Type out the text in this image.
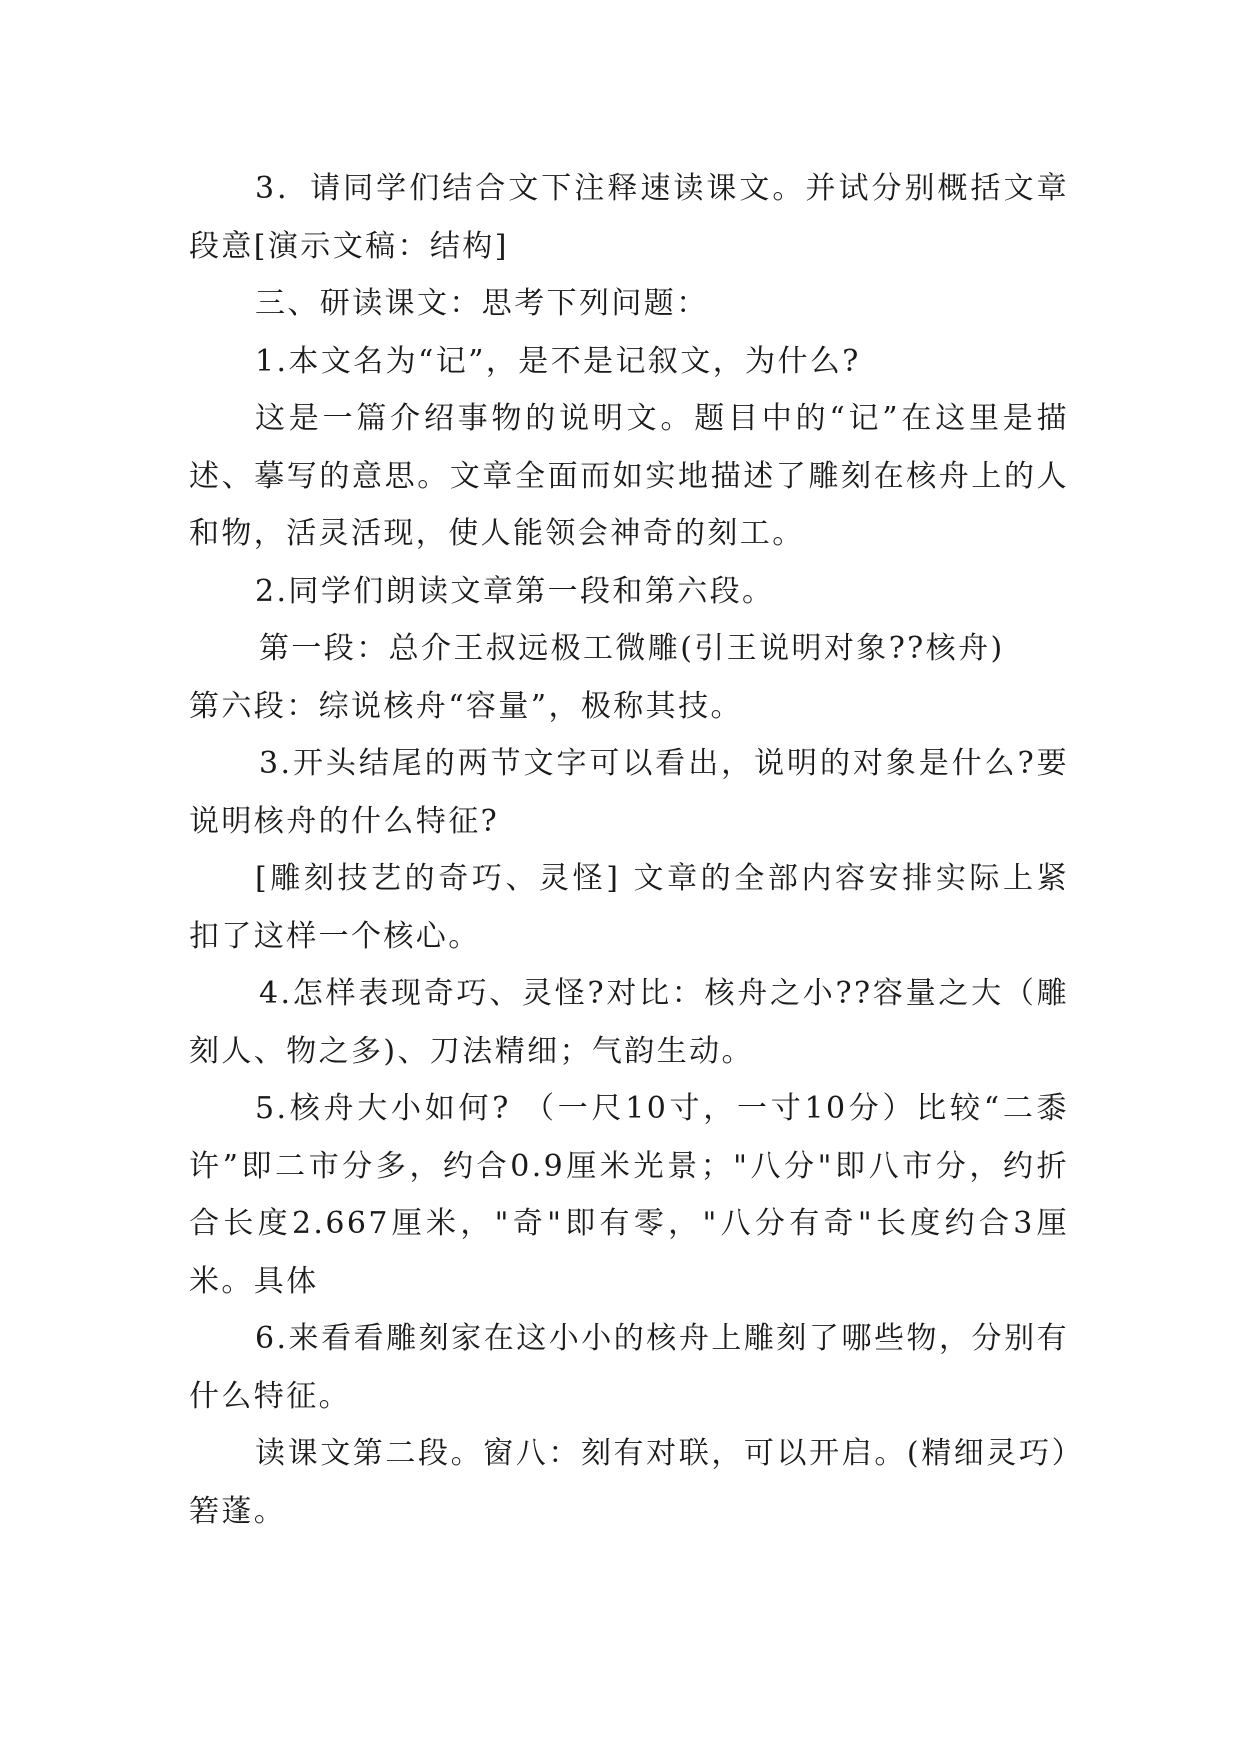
3．请同学们结合文下注释速读课文。并试分别概括文章段意[演示文稿：结构]

三、研读课文：思考下列问题：

1.本文名为“记”，是不是记叙文，为什么?

这是一篇介绍事物的说明文。题目中的“记”在这里是描述、摹写的意思。文章全面而如实地描述了雕刻在核舟上的人和物，活灵活现，使人能领会神奇的刻工。

2.同学们朗读文章第一段和第六段。

第一段：总介王叔远极工微雕(引王说明对象??核舟)

第六段：综说核舟“容量”，极称其技。

3.开头结尾的两节文字可以看出，说明的对象是什么?要说明核舟的什么特征?

[雕刻技艺的奇巧、灵怪] 文章的全部内容安排实际上紧扣了这样一个核心。

4.怎样表现奇巧、灵怪?对比：核舟之小??容量之大（雕刻人、物之多)、刀法精细；气韵生动。

5.核舟大小如何? （一尺10寸，一寸10分）比较“二黍许”即二市分多，约合0.9厘米光景；"八分"即八市分，约折合长度2.667厘米，"奇"即有零，"八分有奇"长度约合3厘米。具体

6.来看看雕刻家在这小小的核舟上雕刻了哪些物，分别有什么特征。

读课文第二段。窗八：刻有对联，可以开启。(精细灵巧）箬蓬。
